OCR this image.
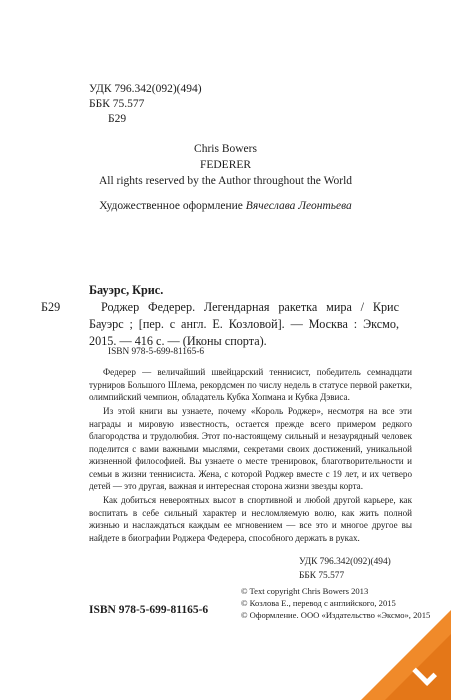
УДК 796.342(092)(494)
ББК 75.577
Б29
Chris Bowers
FEDERER
All rights reserved by the Author throughout the World
Художественное оформление Вячеслава Леонтьева
Б29
Бауэрс, Крис.
Роджер Федерер. Легендарная ракетка мира / Крис Бауэрс ; [пер. с англ. Е. Козловой]. — Москва : Эксмо, 2015. — 416 с. — (Иконы спорта).
ISBN 978-5-699-81165-6

Федерер — величайший швейцарский теннисист, победитель семнадцати турниров Большого Шлема, рекордсмен по числу недель в статусе первой ракетки, олимпийский чемпион, обладатель Кубка Хопмана и Кубка Дэвиса.

Из этой книги вы узнаете, почему «Король Роджер», несмотря на все эти награды и мировую известность, остается прежде всего примером редкого благородства и трудолюбия. Этот по-настоящему сильный и незаурядный человек поделится с вами важными мыслями, секретами своих достижений, уникальной жизненной философией. Вы узнаете о месте тренировок, благотворительности и семьи в жизни теннисиста. Жена, с которой Роджер вместе с 19 лет, и их четверо детей — это другая, важная и интересная сторона жизни звезды корта.

Как добиться невероятных высот в спортивной и любой другой карьере, как воспитать в себе сильный характер и несломляемую волю, как жить полной жизнью и наслаждаться каждым ее мгновением — все это и многое другое вы найдете в биографии Роджера Федерера, способного держать в руках.

УДК 796.342(092)(494)
ББК 75.577
ISBN 978-5-699-81165-6
© Text copyright Chris Bowers 2013
© Козлова Е., перевод с английского, 2015
© Оформление. ООО «Издательство «Эксмо», 2015
